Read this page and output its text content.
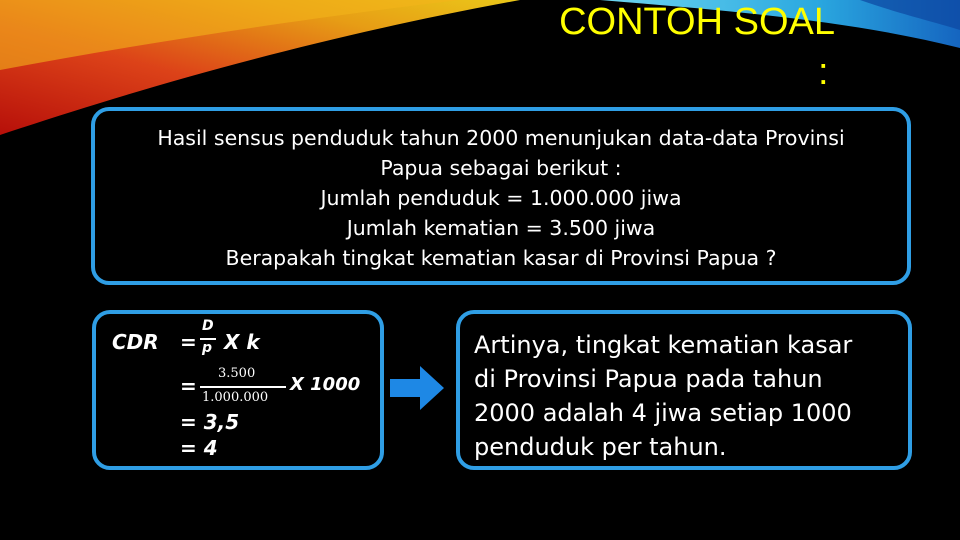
CONTOH SOAL
:
Hasil sensus penduduk tahun 2000 menunjukan data-data Provinsi
Papua sebagai berikut :
Jumlah penduduk = 1.000.000 jiwa
Jumlah kematian = 3.500 jiwa
Berapakah tingkat kematian kasar di Provinsi Papua ?
CDR =
D
p X k
=
3.500
1.000.000
X 1000
= 3,5
= 4
Artinya, tingkat kematian kasar
di Provinsi Papua pada tahun
2000 adalah 4 jiwa setiap 1000
penduduk per tahun.
